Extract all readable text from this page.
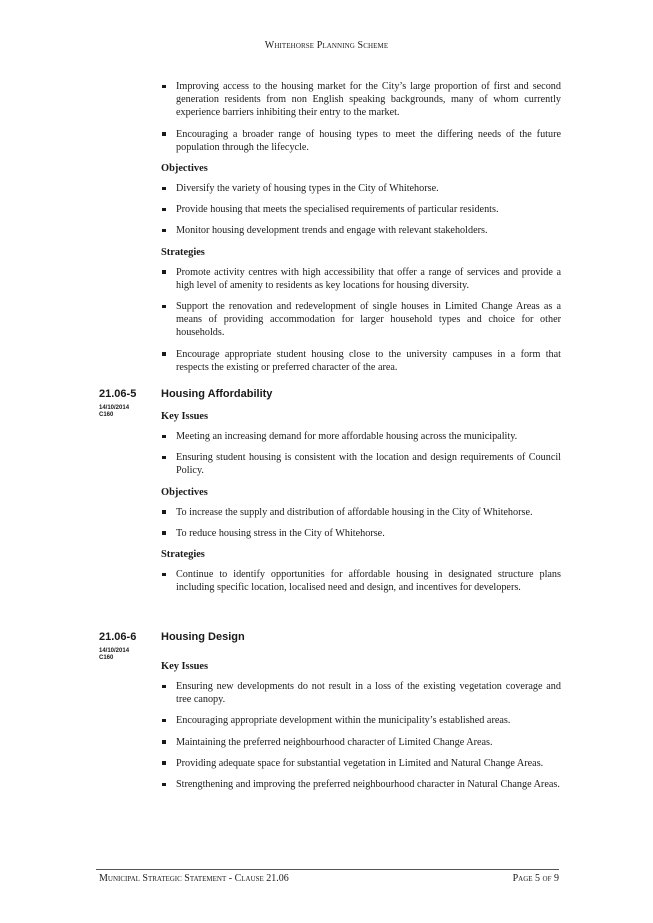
Whitehorse Planning Scheme
Improving access to the housing market for the City’s large proportion of first and second generation residents from non English speaking backgrounds, many of whom currently experience barriers inhibiting their entry to the market.
Encouraging a broader range of housing types to meet the differing needs of the future population through the lifecycle.
Objectives
Diversify the variety of housing types in the City of Whitehorse.
Provide housing that meets the specialised requirements of particular residents.
Monitor housing development trends and engage with relevant stakeholders.
Strategies
Promote activity centres with high accessibility that offer a range of services and provide a high level of amenity to residents as key locations for housing diversity.
Support the renovation and redevelopment of single houses in Limited Change Areas as a means of providing accommodation for larger household types and choice for other households.
Encourage appropriate student housing close to the university campuses in a form that respects the existing or preferred character of the area.
21.06-5 Housing Affordability
14/10/2014
C160	Key Issues
Meeting an increasing demand for more affordable housing across the municipality.
Ensuring student housing is consistent with the location and design requirements of Council Policy.
Objectives
To increase the supply and distribution of affordable housing in the City of Whitehorse.
To reduce housing stress in the City of Whitehorse.
Strategies
Continue to identify opportunities for affordable housing in designated structure plans including specific location, localised need and design, and incentives for developers.
21.06-6 Housing Design
14/10/2014
C160
Key Issues
Ensuring new developments do not result in a loss of the existing vegetation coverage and tree canopy.
Encouraging appropriate development within the municipality’s established areas.
Maintaining the preferred neighbourhood character of Limited Change Areas.
Providing adequate space for substantial vegetation in Limited and Natural Change Areas.
Strengthening and improving the preferred neighbourhood character in Natural Change Areas.
Municipal Strategic Statement - Clause 21.06	Page 5 of 9
